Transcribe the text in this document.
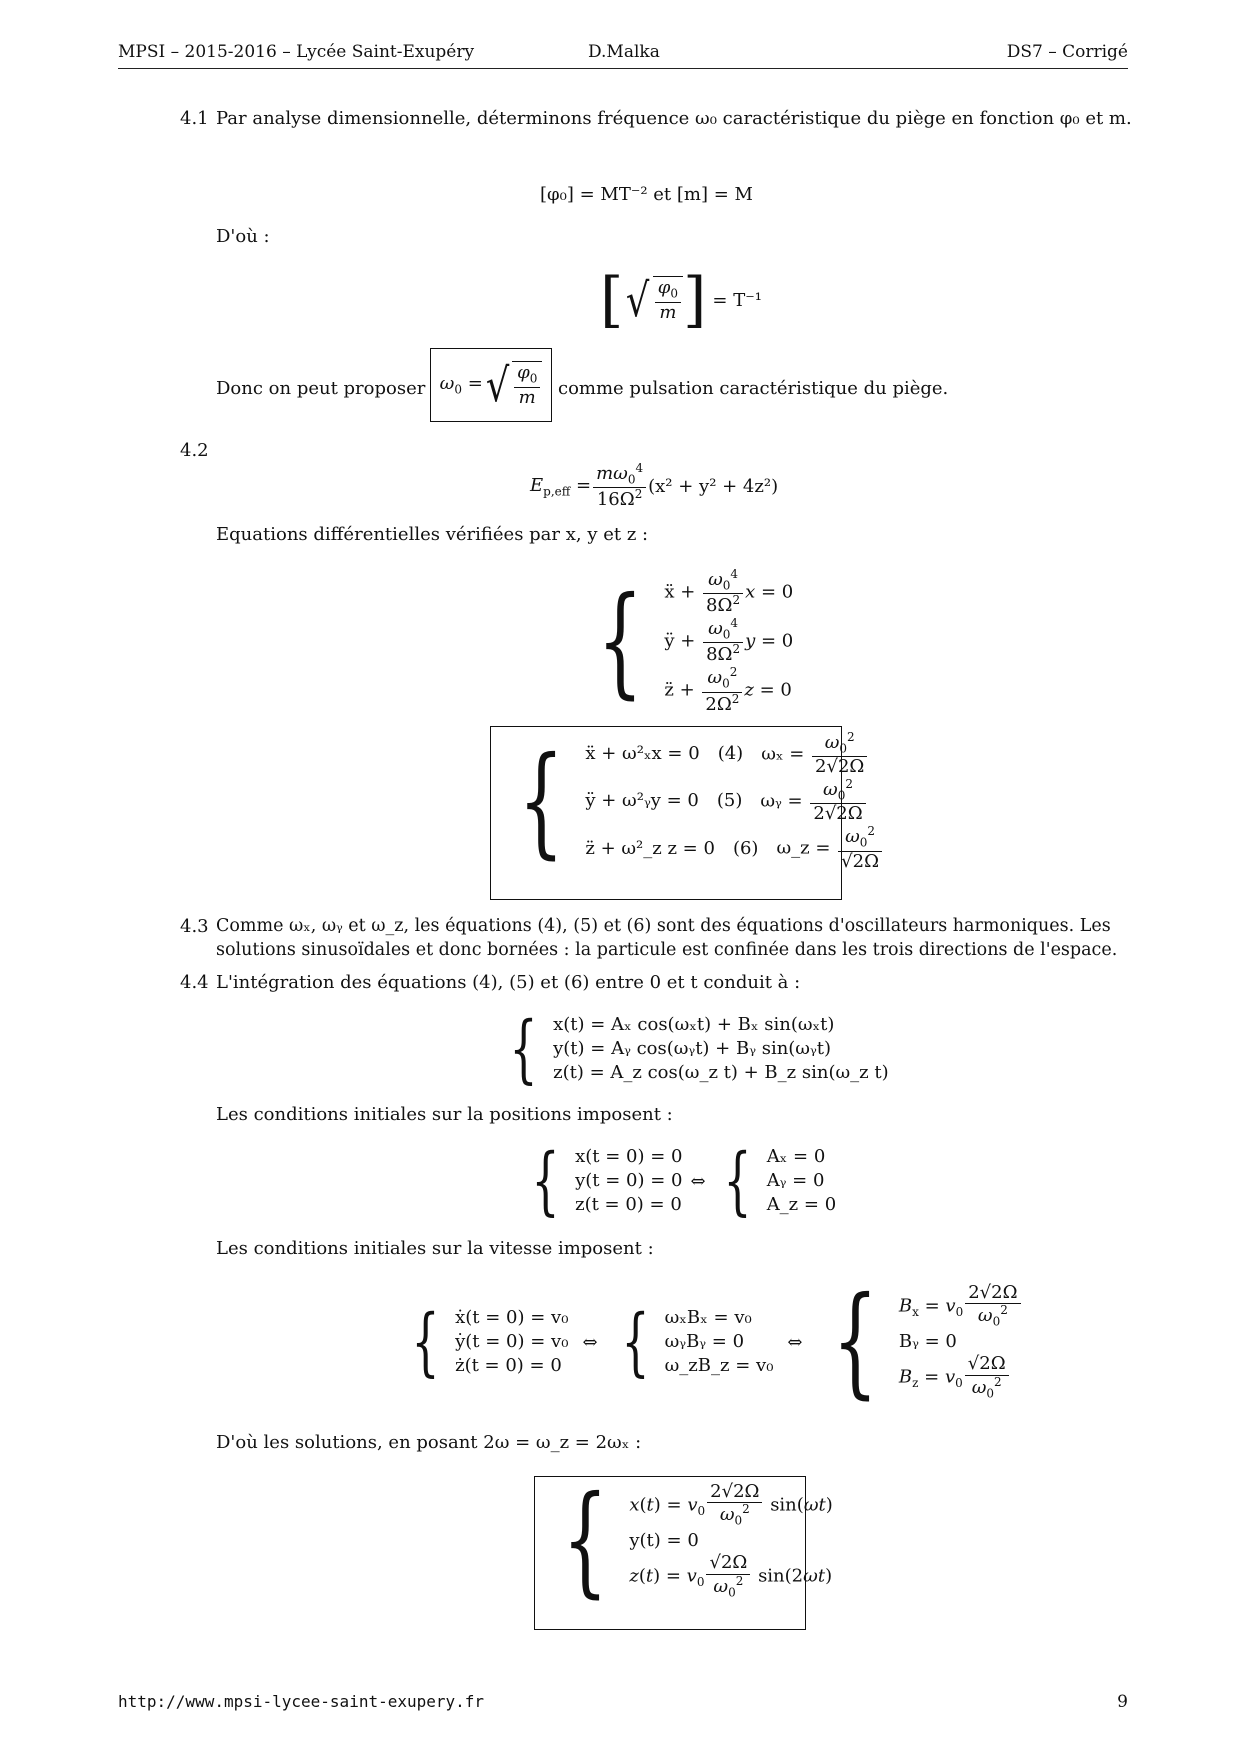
MPSI – 2015-2016 – Lycée Saint-Exupéry	D.Malka	DS7 – Corrigé
4.1 Par analyse dimensionnelle, déterminons fréquence ω₀ caractéristique du piège en fonction φ₀ et m.
[φ₀] = MT⁻² et [m] = M
D'où :
[ √ $\frac{\varphi_0}{m}$ ] = T⁻¹
Donc on peut proposer $\omega_0$ = √ $\frac{\varphi_0}{m}$ comme pulsation caractéristique du piège.
4.2
$E_{p,eff} = \frac{m\omega_0^4}{16\Omega^2} (x^2 + y^2 + 4z^2)$
Equations différentielles vérifiées par x, y et z :
{ ẍ + $\frac{\omega_0^4}{8\Omega^2}$ x = 0
ÿ + $\frac{\omega_0^4}{8\Omega^2}$ y = 0
z̈ + $\frac{\omega_0^2}{2\Omega^2}$ z = 0
{ ẍ + ω²ₓx = 0 (4) $\omega_x = \frac{\omega_0^2}{2√2\Omega}$
ÿ + ω²ᵧy = 0 (5) ωᵧ = $\frac{\omega_0^2}{2√2\Omega}$
z̈ + ω²_z z = 0 (6) ω_z = $\frac{\omega_0^2}{√2\Omega}$
4.3 Comme ωₓ, ωᵧ et ω_z, les équations (4), (5) et (6) sont des équations d'oscillateurs harmoniques. Les
solutions sinusoïdales et donc bornées : la particule est confinée dans les trois directions de l'espace.
4.4 L'intégration des équations (4), (5) et (6) entre 0 et t conduit à :
{ x(t) = Aₓ cos(ωₓt) + Bₓ sin(ωₓt)
y(t) = Aᵧ cos(ωᵧt) + Bᵧ sin(ωᵧt)
z(t) = A_z cos(ω_z t) + B_z sin(ω_z t)
Les conditions initiales sur la positions imposent :
{ x(t = 0) = 0
y(t = 0) = 0
z(t = 0) = 0
⇔ { Aₓ = 0
Aᵧ = 0
A_z = 0
Les conditions initiales sur la vitesse imposent :
{ ẋ(t = 0) = v₀
ẏ(t = 0) = v₀
ż(t = 0) = 0
⇔ { ωₓBₓ = v₀
ωᵧBᵧ = 0
ω_zB_z = v₀
⇔ { $B_x = v_0 \frac{2√2\Omega}{\omega_0^2}$
Bᵧ = 0
$B_z = v_0 \frac{√2\Omega}{\omega_0^2}$
D'où les solutions, en posant 2ω = ω_z = 2ωₓ :
{ $x(t) = v_0 \frac{2√2\Omega}{\omega_0^2} \sin(\omega t)$
y(t) = 0
$z(t) = v_0 \frac{√2\Omega}{\omega_0^2} \sin(2\omega t)$
http://www.mpsi-lycee-saint-exupery.fr	9
